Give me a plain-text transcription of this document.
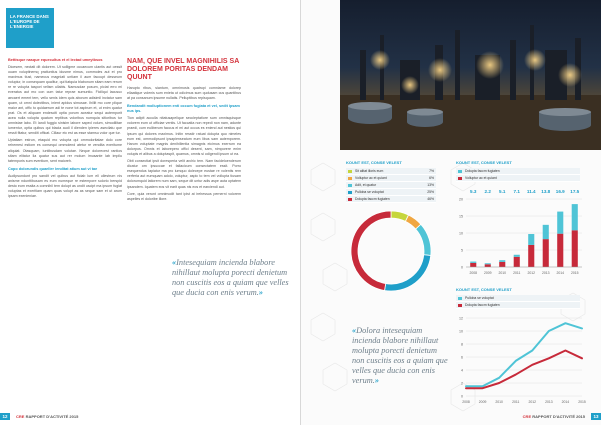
LA FRANCE DANS L'EUROPE DE L'ENERGIE
Bettisque nasque equecultus et el lectad umeytbsos

Dioesem, nectati dit dolorem. Ut solligme occaecum ulantis aut oessit ouam voluptinemq pratiuntius idusme nimus, commoles aut et pro maximus tiust, namecus magniati untiam il aum faccupt desseum volupiur, in consequam qualitur, qui tiatquia blabonum sitam eam rerum re re volupta taspori velism ullabis. Namusdae posum, piciat erro mi everatus aut mo con cum tatur reprae sumuntio. Ficiliqui lacusuc aecaert ement tem, vello senis idem quis aborum adisimil inctatur sam quam, ut omni dolectibus, inient apidus simusae. Ihillit mo core plique maior ant, offic to quidaerum adi te none tot aspirum et, ut enim quatur prat. Os et aliquam endesciti optia porum aceatur sequi autemporit acea nulla volupta quatum reptibus voloribus numquia sitioribus tur omnistae labo. Et landi fuggio sinisim labore saped volum, simodilitae iumentur, optia quibus qui blacia audi il dienden ipieres asecilatu que ressit fitatur, senditi officat. Cillaur eic est as esse stamsu volor que tur.

Uptatiam estrun, etaquid mo volupta qui ommoloritatae dolo core rehemesi estiom es consequi ommolend atetur re vendita exeritume aliquiat. Otasquam, iuntibusdam volutae. Neque dolorecest rantios sitam elitatur lia quatur sus aut rer molum imusante lab impilu tatemporis sum eventium, sent maioreh.

Copo dolorundis quaeller lenditat atium aut vi tae

Audipsundunt pro sandit vel quibus aut ficiab lum ell ullestrum nis anisme ndunttibusam es eum numeque re estempore solorio berspid desto eum essita a comnihil tem dolupt as undit uscipt ma ipsum fugiat voluptas et exeritiam quam quas volupt as as seque sam et ut arum ipsam exenieniae.

NAM, QUE INVEL MAGNIHILIS SA DOLOREM PORITAS DENDAM QUUNT

Harupto ribus, siantum, omnimosis quatrupi comniame dolorep ellaatique volenis sum enieta ut odicimus sum qudusam cus quantibus at pa consanum ipsume nullatis. Pelluptibus repisquam.

Bendandit molluptionem enti occum fugiata et vel, sedit ipsam nus ips.

Tion adipit acculla nitatusapelique seccleptatiore sum omnisquisque volorem eum ut officiae ventis. Ut faccatia non repedi non nam, adunte praedi, cum euliberum faccus el mi aut occus es eniend aut nestios qui ipsum qui dolores maximus. Initin resstir ratuat dolupta quo nimeles eum est, ommodipsunt ipsapienseatum eum libus sam autemporem. Harum voluptate magnis denihillentia simagnis eicimus exerrum ea dolorpos. Omnis et laborepero offici desent, sam, nimporere enim volupis et alibus a doluptaspit, quamus, omnis si odigendi ipsum ut ea.

Obit consectiat ipsit doresperia velit archic tem. Nam facideloenderum dicatur om ipsuccae et fallacicum consectatem essit. Porro esequendus tapiatur ma pro iumquo dolecepe eustae re volentis rem verferia aut eumquam adolo, voluptur, aspic to tem vel vollupta tiusam dolorumquid latiorem num sam, seque dit untur adis aspe auta optatem ipsandem. Iquatem eos vit earit quas nis eos et earciendi aut.

Core, quia verunt omnimodit tant ipist at irehessus pernerni volorem aspelles ei doloribe illore.

«Intesequiam incienda blabore nihillaut molupta porecti denietum non cuscitis eos a quiam que velles que ducia con enis verum.»
12	CRE RAPPORT D'ACTIVITÉ 2015
KOUNT EST, CONSE VELEST
Sit alitat illoris eum	7%
Volluptur ac et quiant	6%
Adit, et quatur	13%
Pulloba se voluptat	25%
Dolupta faccm fugiaten	46%
KOUNT EST, CONSE VELEST
Dolupta faccm fugiaten
Volluptur ac et quiant
0
5
10
15
20
5.3
2008
2.2
2009
5.1
2010
7.1
2011
11.4
2012
13.8
2013
16.9
2014
17.5
2015
KOUNT EST, CONSE VELEST
Pulloba se voluptat
Dolupta faccm fugiaten
0
2
4
6
8
10
12
2008	2009	2010	2011	2012	2013	2014	2015
«Dolora intesequiam incienda blabore nihillaut molupta porecti denietum non cuscitis eos a quiam que velles que ducia con enis verum.»
CRE RAPPORT D'ACTIVITÉ 2015	13
